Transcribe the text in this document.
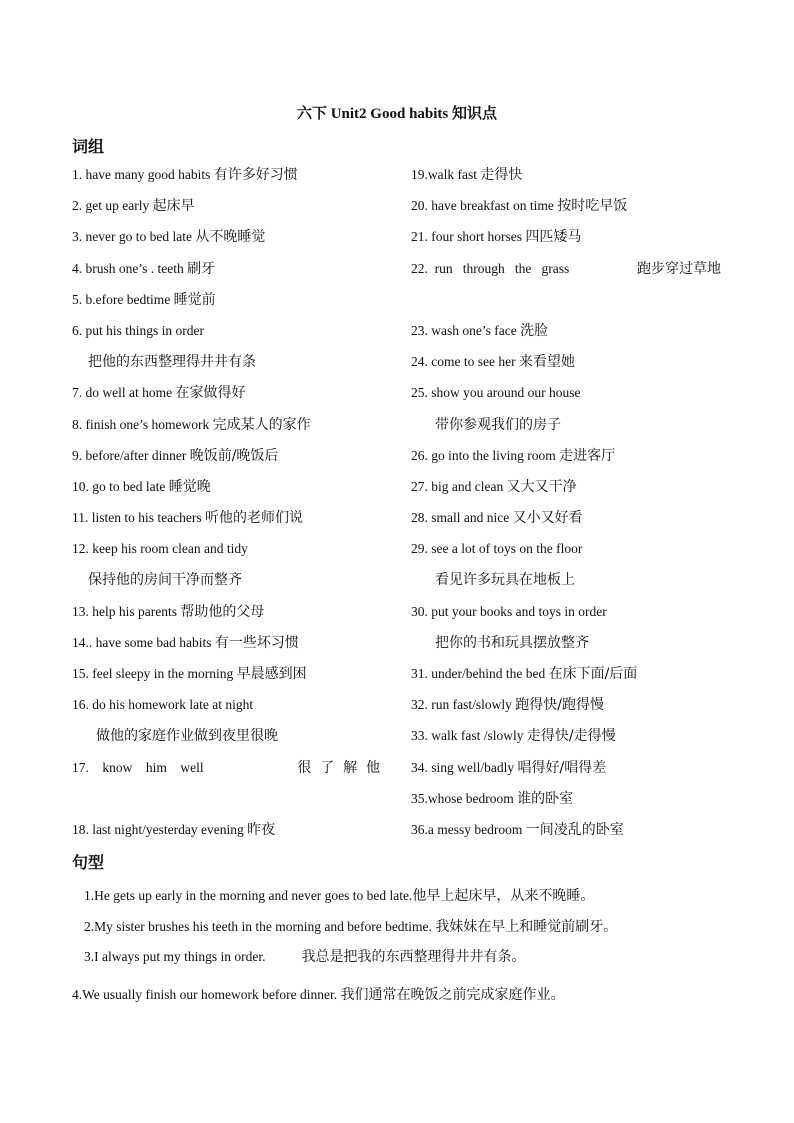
六下 Unit2 Good habits 知识点
词组
1. have many good habits 有许多好习惯
2. get up early 起床早
3. never go to bed late 从不晚睡觉
4. brush one’s . teeth 刷牙
5. b.efore bedtime 睡觉前
6. put his things in order
把他的东西整理得井井有条
7. do well at home 在家做得好
8. finish one’s homework 完成某人的家作
9. before/after dinner 晚饭前/晚饭后
10. go to bed late 睡觉晚
11. listen to his teachers 听他的老师们说
12. keep his room clean and tidy
保持他的房间干净而整齐
13. help his parents 帮助他的父母
14.. have some bad habits 有一些坏习惯
15. feel sleepy in the morning 早晨感到困
16. do his homework late at night
做他的家庭作业做到夜里很晚
17.    know    him    well	很  了  解  他
18. last night/yesterday evening 昨夜
19.walk fast 走得快
20. have breakfast on time 按时吃早饭
21. four short horses 四匹矮马
22.  run   through   the   grass	跑步穿过草地
23. wash one’s face 洗脸
24. come to see her 来看望她
25. show you around our house
带你参观我们的房子
26. go into the living room 走进客厅
27. big and clean 又大又干净
28. small and nice 又小又好看
29. see a lot of toys on the floor
看见许多玩具在地板上
30. put your books and toys in order
把你的书和玩具摆放整齐
31. under/behind the bed 在床下面/后面
32. run fast/slowly 跑得快/跑得慢
33. walk fast /slowly 走得快/走得慢
34. sing well/badly 唱得好/唱得差
35.whose bedroom 谁的卧室
36.a messy bedroom 一间凌乱的卧室
句型
1.He gets up early in the morning and never goes to bed late.他早上起床早，从来不晚睡。
2.My sister brushes his teeth in the morning and before bedtime. 我妹妹在早上和睡觉前刷牙。
3.I always put my things in order.	我总是把我的东西整理得井井有条。
4.We usually finish our homework before dinner. 我们通常在晚饭之前完成家庭作业。
